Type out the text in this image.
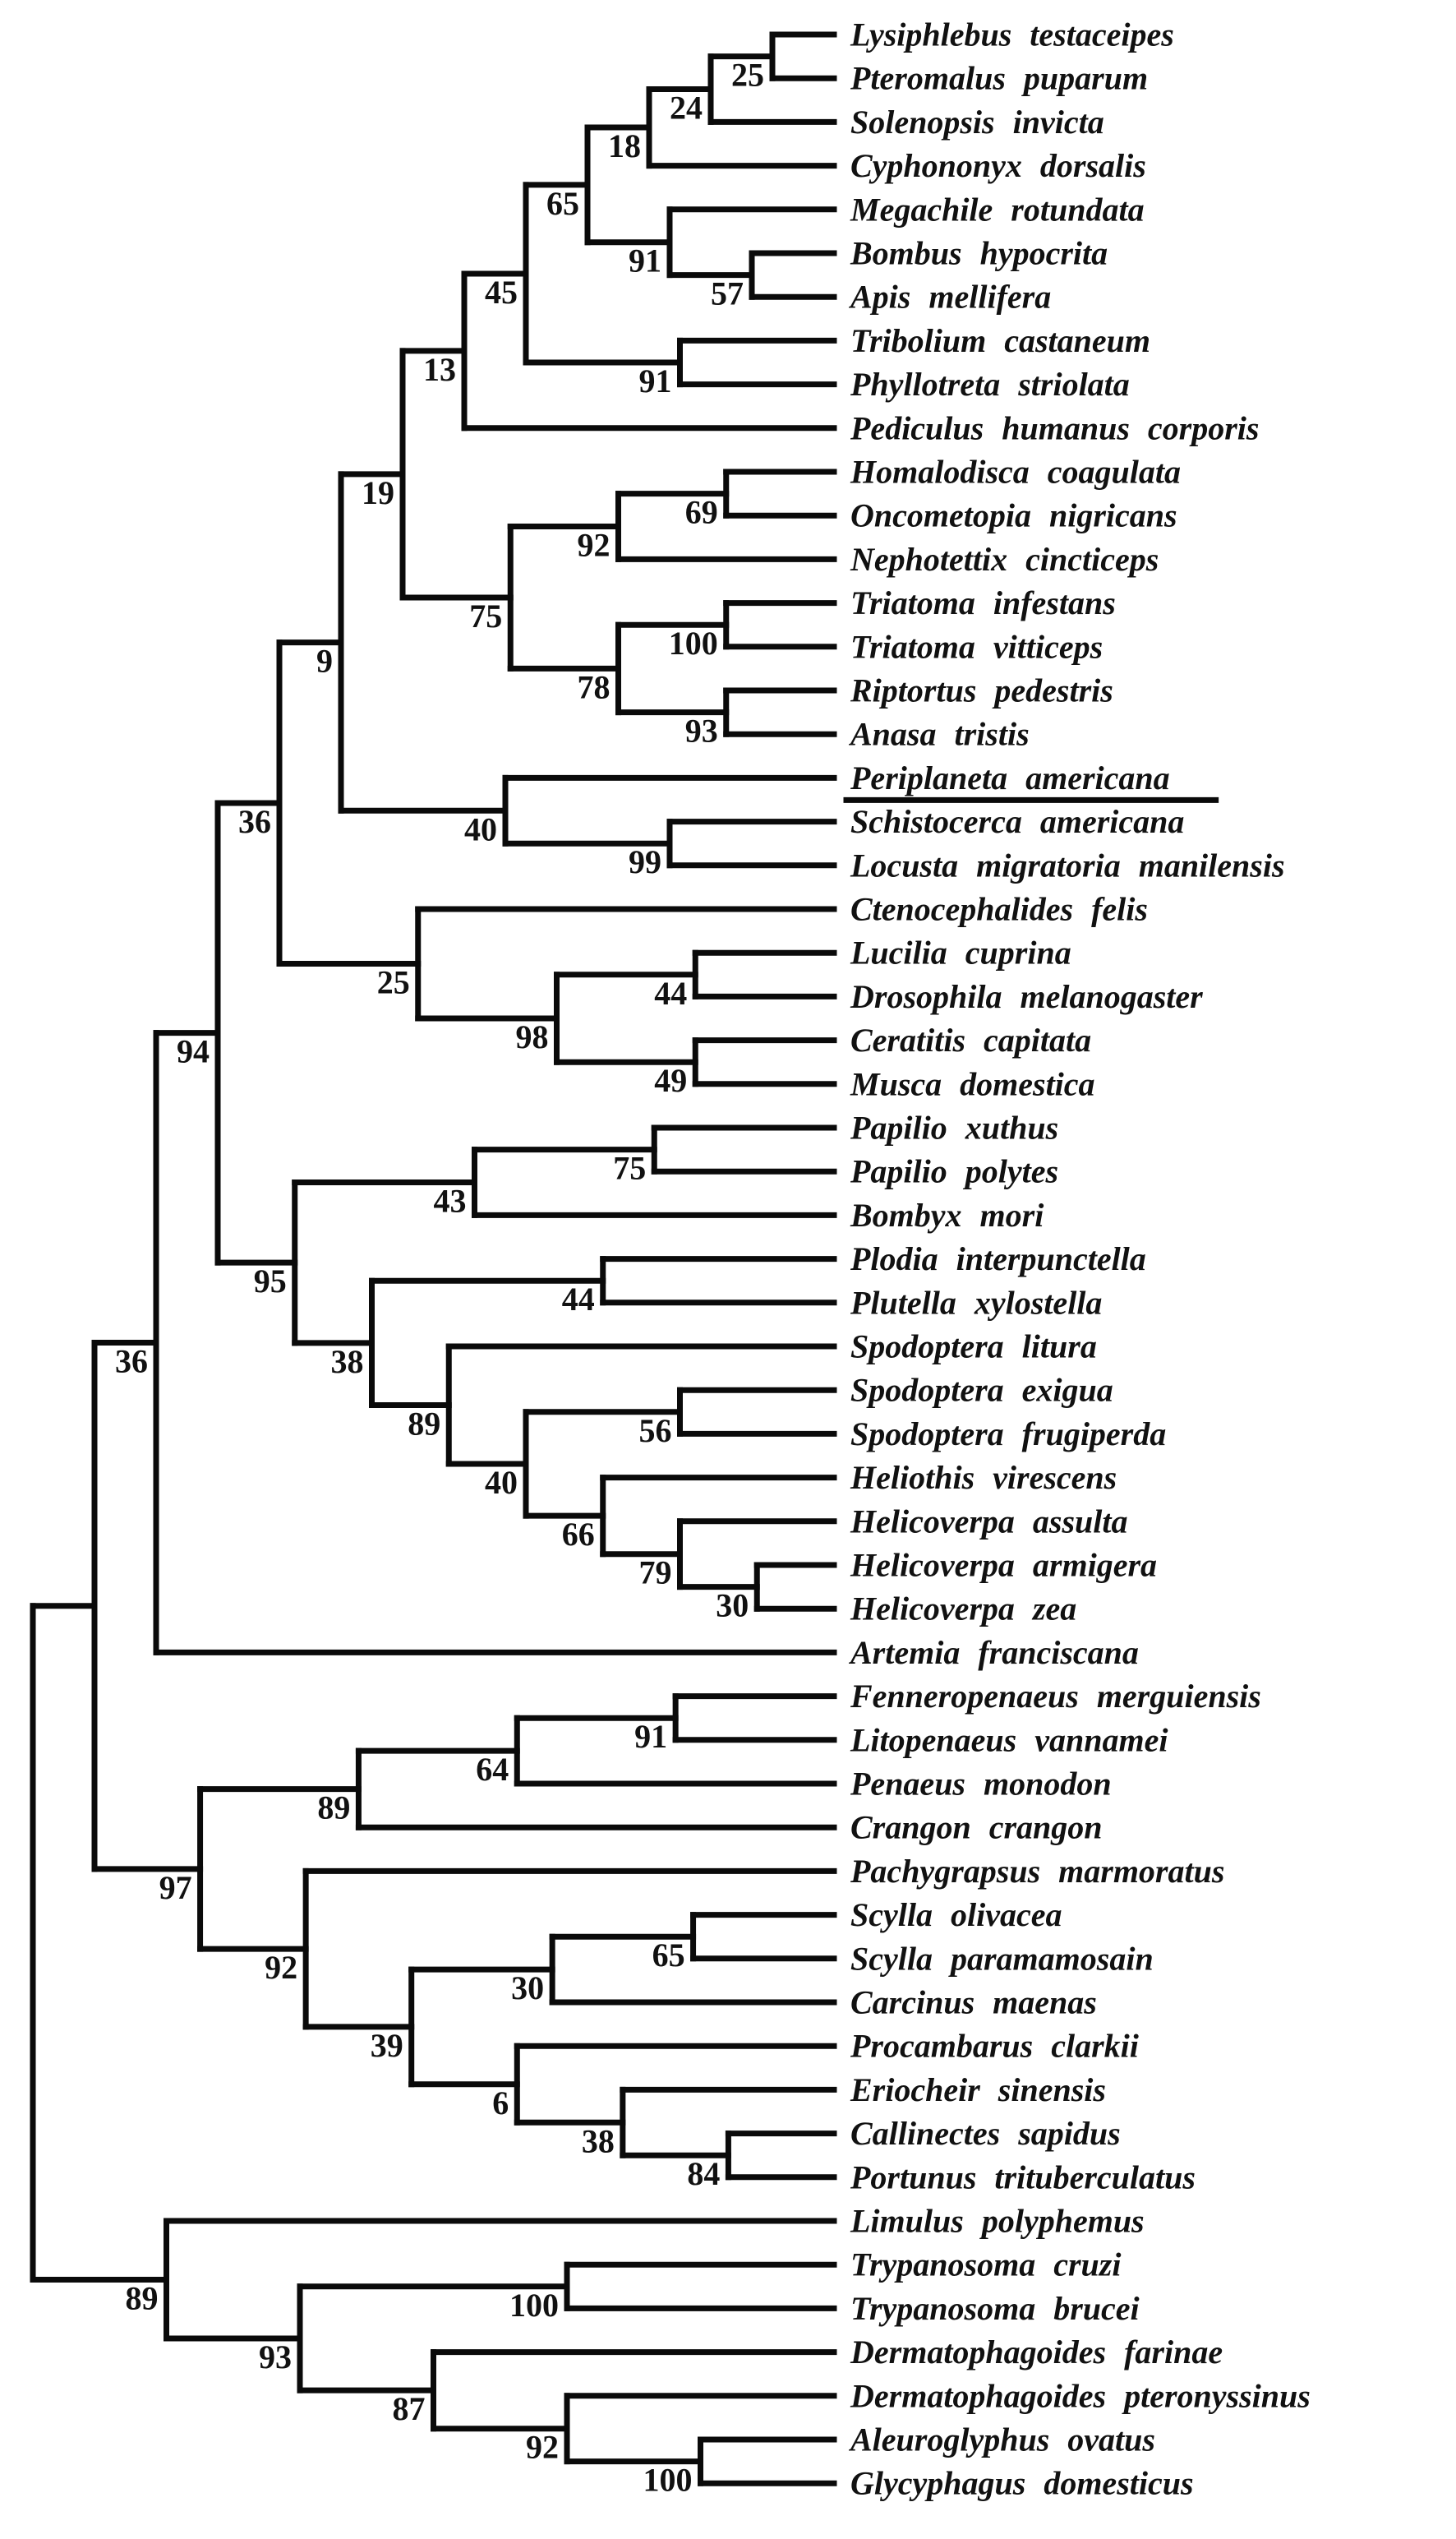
Lysiphlebus testaceipes
Pteromalus puparum
25
Solenopsis invicta
24
Cyphononyx dorsalis
18
Megachile rotundata
Bombus hypocrita
Apis mellifera
57
91
65
Tribolium castaneum
Phyllotreta striolata
91
45
Pediculus humanus corporis
13
Homalodisca coagulata
Oncometopia nigricans
69
Nephotettix cincticeps
92
Triatoma infestans
Triatoma vitticeps
100
Riptortus pedestris
Anasa tristis
93
78
75
19
Periplaneta americana
Schistocerca americana
Locusta migratoria manilensis
99
40
9
Ctenocephalides felis
Lucilia cuprina
Drosophila melanogaster
44
Ceratitis capitata
Musca domestica
49
98
25
36
Papilio xuthus
Papilio polytes
75
Bombyx mori
43
Plodia interpunctella
Plutella xylostella
44
Spodoptera litura
Spodoptera exigua
Spodoptera frugiperda
56
Heliothis virescens
Helicoverpa assulta
Helicoverpa armigera
Helicoverpa zea
30
79
66
40
89
38
95
94
Artemia franciscana
36
Fenneropenaeus merguiensis
Litopenaeus vannamei
91
Penaeus monodon
64
Crangon crangon
89
Pachygrapsus marmoratus
Scylla olivacea
Scylla paramamosain
65
Carcinus maenas
30
Procambarus clarkii
Eriocheir sinensis
Callinectes sapidus
Portunus trituberculatus
84
38
6
39
92
97
Limulus polyphemus
Trypanosoma cruzi
Trypanosoma brucei
100
Dermatophagoides farinae
Dermatophagoides pteronyssinus
Aleuroglyphus ovatus
Glycyphagus domesticus
100
92
87
93
89
